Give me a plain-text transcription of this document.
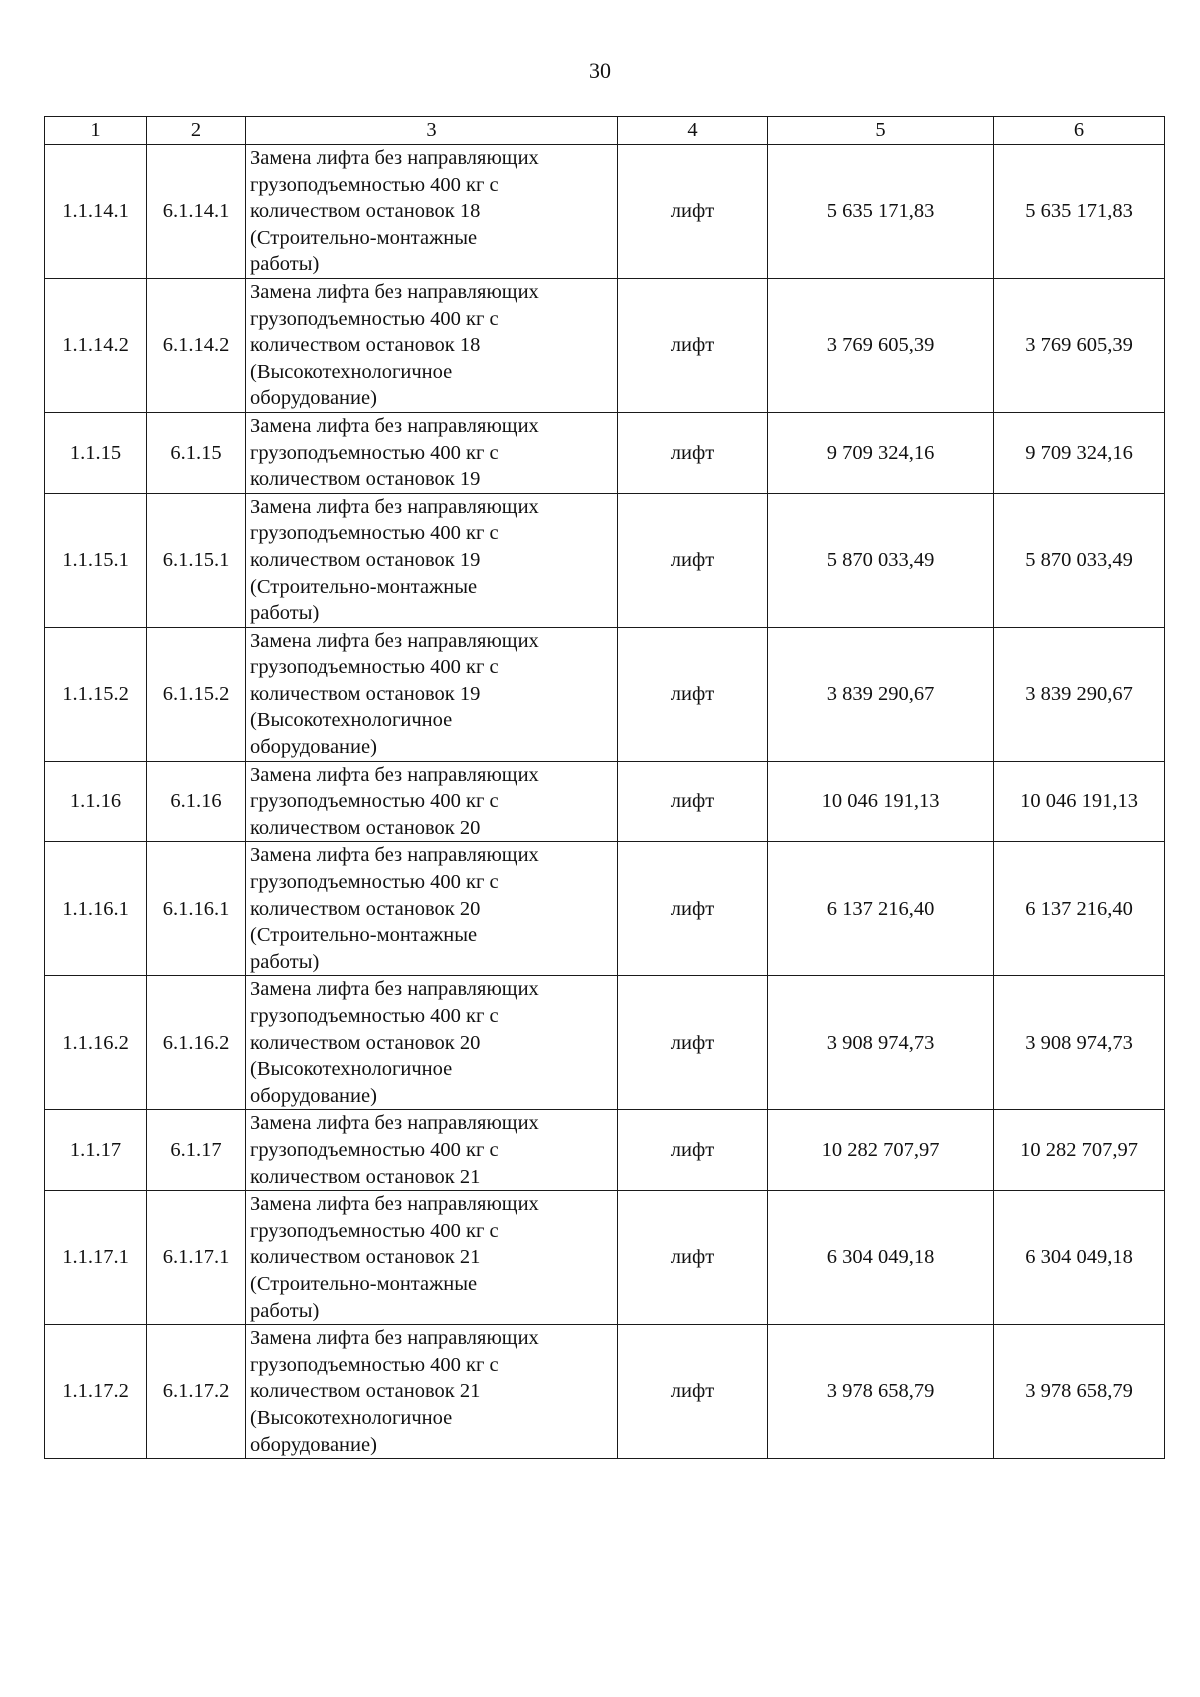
30
1	2	3	4	5	6
1.1.14.1	6.1.14.1	Замена лифта без направляющих
грузоподъемностью 400 кг с
количеством остановок 18
(Строительно-монтажные
работы)	лифт	5 635 171,83	5 635 171,83
1.1.14.2	6.1.14.2	Замена лифта без направляющих
грузоподъемностью 400 кг с
количеством остановок 18
(Высокотехнологичное
оборудование)	лифт	3 769 605,39	3 769 605,39
1.1.15	6.1.15	Замена лифта без направляющих
грузоподъемностью 400 кг с
количеством остановок 19	лифт	9 709 324,16	9 709 324,16
1.1.15.1	6.1.15.1	Замена лифта без направляющих
грузоподъемностью 400 кг с
количеством остановок 19
(Строительно-монтажные
работы)	лифт	5 870 033,49	5 870 033,49
1.1.15.2	6.1.15.2	Замена лифта без направляющих
грузоподъемностью 400 кг с
количеством остановок 19
(Высокотехнологичное
оборудование)	лифт	3 839 290,67	3 839 290,67
1.1.16	6.1.16	Замена лифта без направляющих
грузоподъемностью 400 кг с
количеством остановок 20	лифт	10 046 191,13	10 046 191,13
1.1.16.1	6.1.16.1	Замена лифта без направляющих
грузоподъемностью 400 кг с
количеством остановок 20
(Строительно-монтажные
работы)	лифт	6 137 216,40	6 137 216,40
1.1.16.2	6.1.16.2	Замена лифта без направляющих
грузоподъемностью 400 кг с
количеством остановок 20
(Высокотехнологичное
оборудование)	лифт	3 908 974,73	3 908 974,73
1.1.17	6.1.17	Замена лифта без направляющих
грузоподъемностью 400 кг с
количеством остановок 21	лифт	10 282 707,97	10 282 707,97
1.1.17.1	6.1.17.1	Замена лифта без направляющих
грузоподъемностью 400 кг с
количеством остановок 21
(Строительно-монтажные
работы)	лифт	6 304 049,18	6 304 049,18
1.1.17.2	6.1.17.2	Замена лифта без направляющих
грузоподъемностью 400 кг с
количеством остановок 21
(Высокотехнологичное
оборудование)	лифт	3 978 658,79	3 978 658,79
